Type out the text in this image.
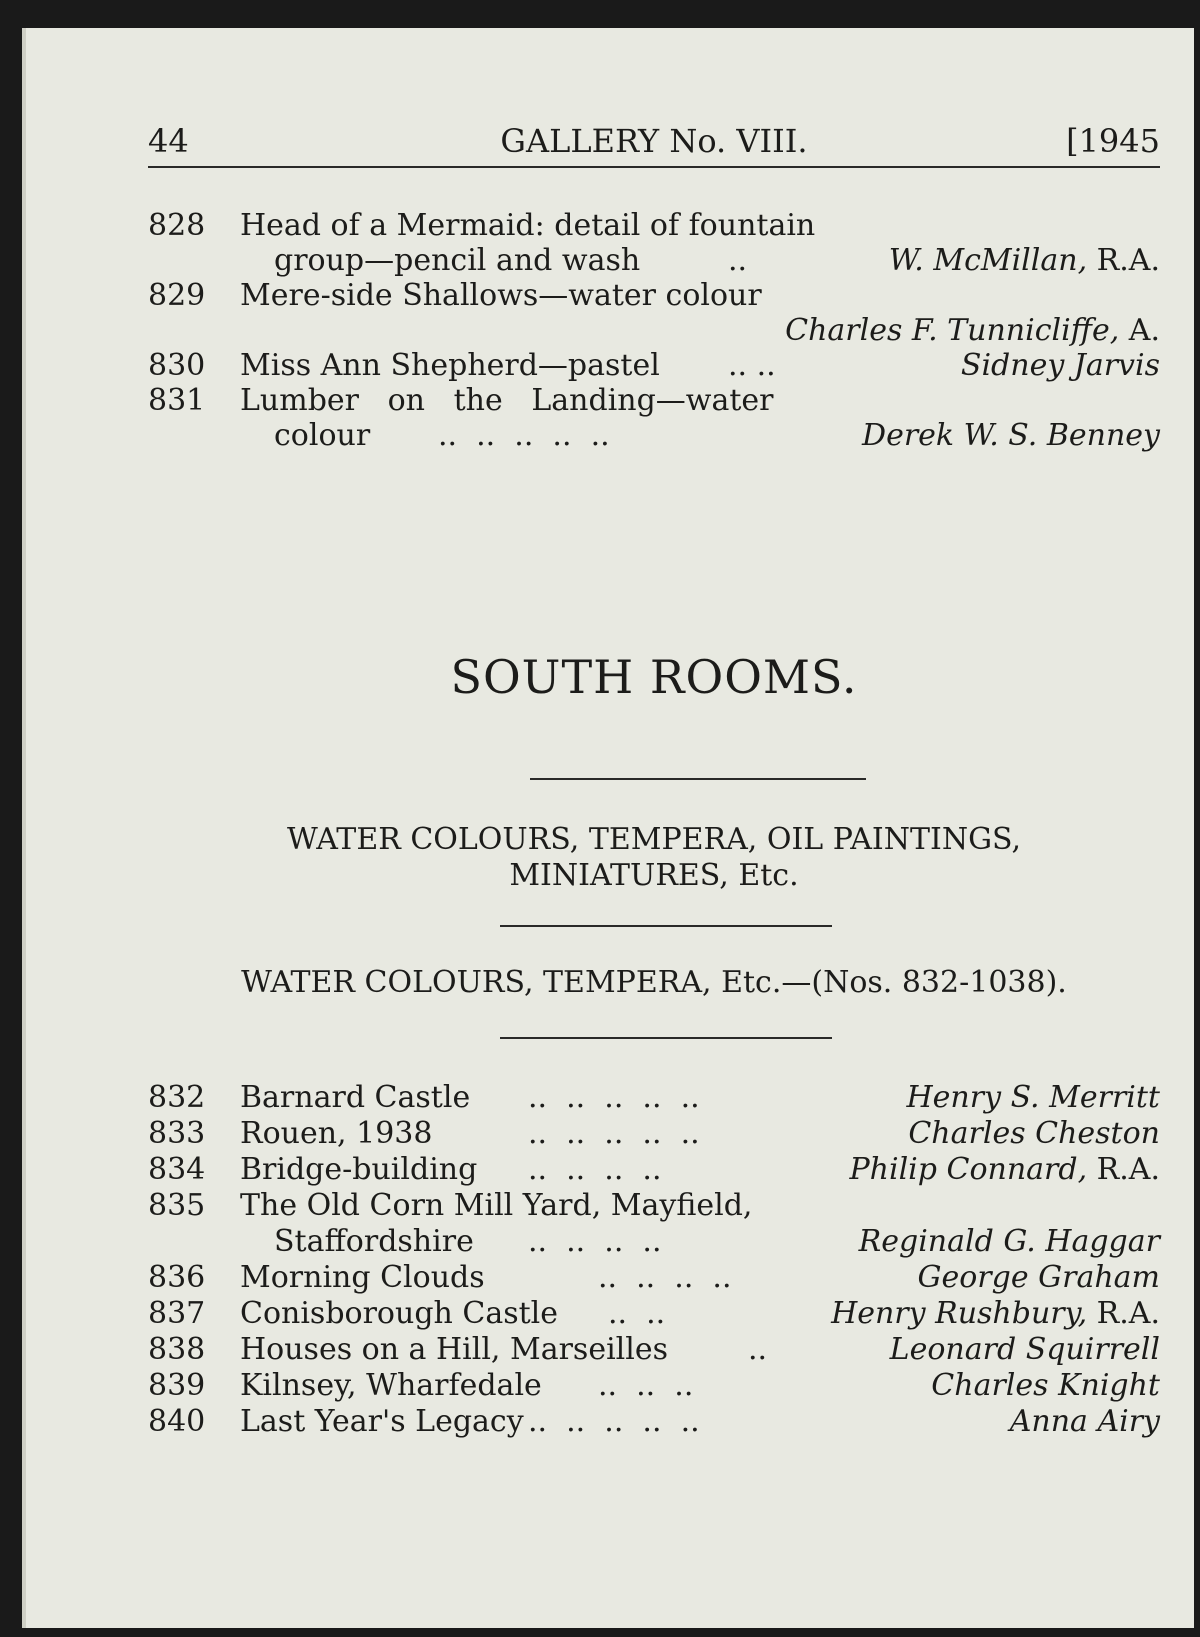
44	GALLERY No. VIII.	[1945
828 Head of a Mermaid: detail of fountain
group—pencil and wash	..	W. McMillan, R.A.
829 Mere-side Shallows—water colour
Charles F. Tunnicliffe, A.
830 Miss Ann Shepherd—pastel .. ..	Sidney Jarvis
831 Lumber   on   the   Landing—water
colour ..  ..  ..  ..  ..	Derek W. S. Benney
SOUTH ROOMS.
WATER COLOURS, TEMPERA, OIL PAINTINGS,
MINIATURES, Etc.
WATER COLOURS, TEMPERA, Etc.—(Nos. 832-1038).
832 Barnard Castle ..  ..  ..  ..  ..	Henry S. Merritt
833 Rouen, 1938	..  ..  ..  ..  ..	Charles Cheston
834 Bridge-building ..  ..  ..  ..	Philip Connard, R.A.
835 The Old Corn Mill Yard, Mayfield,
Staffordshire ..  ..  ..  ..	Reginald G. Haggar
836 Morning Clouds	..  ..  ..  ..	George Graham
837 Conisborough Castle ..  ..	Henry Rushbury, R.A.
838 Houses on a Hill, Marseilles	..	Leonard Squirrell
839 Kilnsey, Wharfedale ..  ..  ..	Charles Knight
840 Last Year's Legacy ..  ..  ..  ..  ..	Anna Airy
